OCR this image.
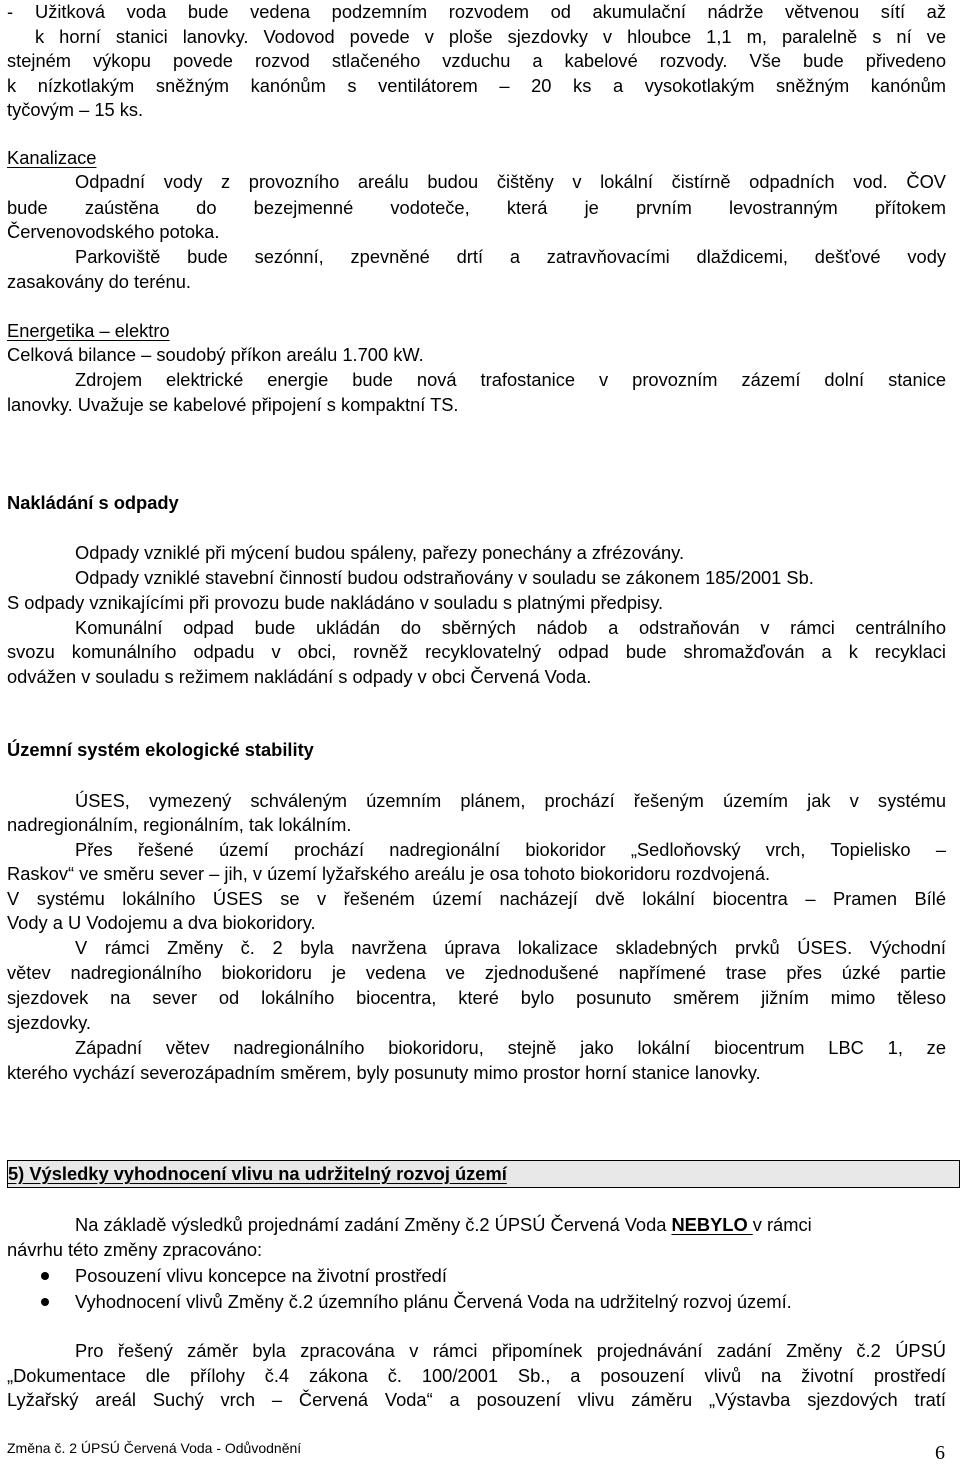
- Užitková voda bude vedena podzemním rozvodem od akumulační nádrže větvenou sítí až
k horní stanici lanovky. Vodovod povede v ploše sjezdovky v hloubce 1,1 m, paralelně s ní ve
stejném výkopu povede rozvod stlačeného vzduchu a kabelové rozvody. Vše bude přivedeno
k nízkotlakým sněžným kanónům s ventilátorem – 20 ks a vysokotlakým sněžným kanónům
tyčovým – 15 ks.
Kanalizace
Odpadní vody z provozního areálu budou čištěny v lokální čistírně odpadních vod. ČOV
bude zaústěna do bezejmenné vodoteče, která je prvním levostranným přítokem
Červenovodského potoka.
Parkoviště bude sezónní, zpevněné drtí a zatravňovacími dlaždicemi, dešťové vody
zasakovány do terénu.
Energetika – elektro
Celková bilance – soudobý příkon areálu 1.700 kW.
Zdrojem elektrické energie bude nová trafostanice v provozním zázemí dolní stanice
lanovky. Uvažuje se kabelové připojení s kompaktní TS.
Nakládání s odpady
Odpady vzniklé při mýcení budou spáleny, pařezy ponechány a zfrézovány.
Odpady vzniklé stavební činností budou odstraňovány v souladu se zákonem 185/2001 Sb.
S odpady vznikajícími při provozu bude nakládáno v souladu s platnými předpisy.
Komunální odpad bude ukládán do sběrných nádob a odstraňován v rámci centrálního
svozu komunálního odpadu v obci, rovněž recyklovatelný odpad bude shromažďován a k recyklaci
odvážen v souladu s režimem nakládání s odpady v obci Červená Voda.
Územní systém ekologické stability
ÚSES, vymezený schváleným územním plánem, prochází řešeným územím jak v systému
nadregionálním, regionálním, tak lokálním.
Přes řešené území prochází nadregionální biokoridor „Sedloňovský vrch, Topielisko –
Raskov“ ve směru sever – jih, v území lyžařského areálu je osa tohoto biokoridoru rozdvojená.
V systému lokálního ÚSES se v řešeném území nacházejí dvě lokální biocentra – Pramen Bílé
Vody a U Vodojemu a dva biokoridory.
V rámci Změny č. 2 byla navržena úprava lokalizace skladebných prvků ÚSES. Východní
větev nadregionálního biokoridoru je vedena ve zjednodušené napřímené trase přes úzké partie
sjezdovek na sever od lokálního biocentra, které bylo posunuto směrem jižním mimo těleso
sjezdovky.
Západní větev nadregionálního biokoridoru, stejně jako lokální biocentrum LBC 1, ze
kterého vychází severozápadním směrem, byly posunuty mimo prostor horní stanice lanovky.
5) Výsledky vyhodnocení vlivu na udržitelný rozvoj území
Na základě výsledků projednámí zadání Změny č.2 ÚPSÚ Červená Voda NEBYLO v rámci
návrhu této změny zpracováno:
Posouzení vlivu koncepce na životní prostředí
Vyhodnocení vlivů Změny č.2 územního plánu Červená Voda na udržitelný rozvoj území.
Pro řešený záměr byla zpracována v rámci připomínek projednávání zadání Změny č.2 ÚPSÚ
„Dokumentace dle přílohy č.4 zákona č. 100/2001 Sb., a posouzení vlivů na životní prostředí
Lyžařský areál Suchý vrch – Červená Voda“ a posouzení vlivu záměru „Výstavba sjezdových tratí
Změna č. 2 ÚPSÚ Červená Voda - Odůvodnění	6
